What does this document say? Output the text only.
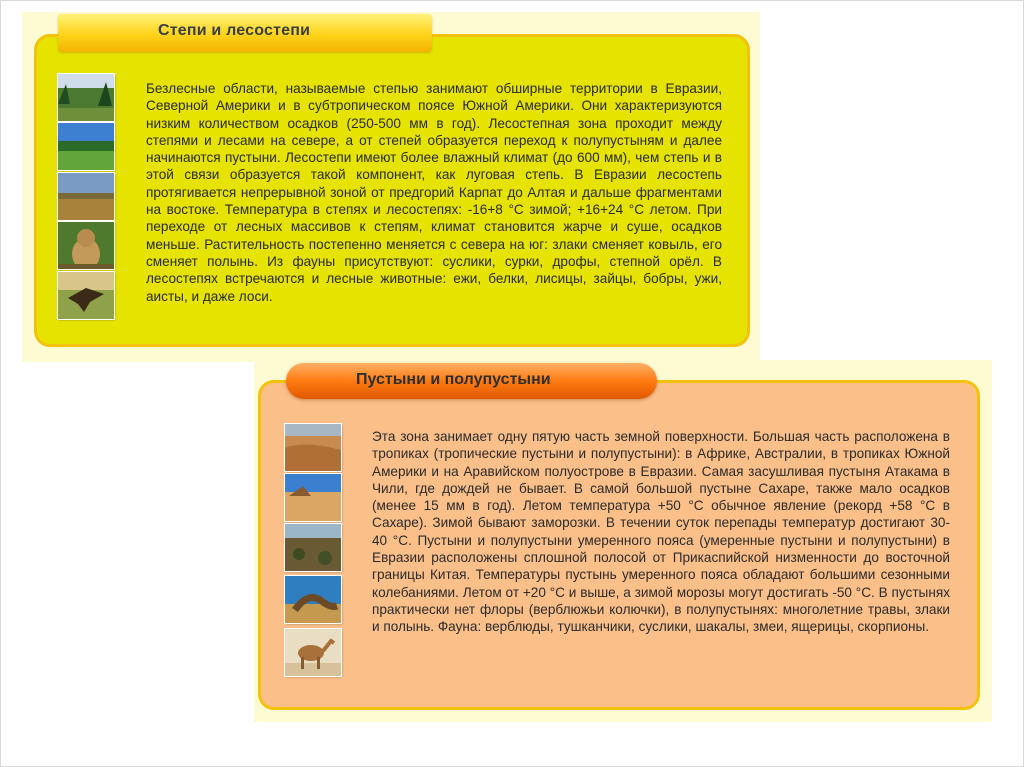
Степи и лесостепи
Безлесные области, называемые степью занимают обширные территории в Евразии, Северной Америки и в субтропическом поясе Южной Америки. Они характеризуются низким количеством осадков (250-500 мм в год). Лесостепная зона проходит между степями и лесами на севере, а от степей образуется переход к полупустыням и далее начинаются пустыни. Лесостепи имеют более влажный климат (до 600 мм), чем степь и в этой связи образуется такой компонент, как луговая степь. В Евразии лесостепь протягивается непрерывной зоной от предгорий Карпат до Алтая и дальше фрагментами на востоке. Температура в степях и лесостепях: -16+8 °С зимой; +16+24 °С летом. При переходе от лесных массивов к степям, климат становится жарче и суше, осадков меньше. Растительность постепенно меняется с севера на юг: злаки сменяет ковыль, его сменяет полынь. Из фауны присутствуют: суслики, сурки, дрофы, степной орёл. В лесостепях встречаются и лесные животные: ежи, белки, лисицы, зайцы, бобры, ужи, аисты, и даже лоси.
Пустыни и полупустыни
Эта зона занимает одну пятую часть земной поверхности. Большая часть расположена в тропиках (тропические пустыни и полупустыни): в Африке, Австралии, в тропиках Южной Америки и на Аравийском полуострове в Евразии. Самая засушливая пустыня Атакама в Чили, где дождей не бывает. В самой большой пустыне Сахаре, также мало осадков (менее 15 мм в год). Летом температура +50 °С обычное явление (рекорд +58 °С в Сахаре). Зимой бывают заморозки. В течении суток перепады температур достигают 30-40 °С. Пустыни и полупустыни умеренного пояса (умеренные пустыни и полупустыни) в Евразии расположены сплошной полосой от Прикаспийской низменности до восточной границы Китая. Температуры пустынь умеренного пояса обладают большими сезонными колебаниями. Летом от +20 °С и выше, а зимой морозы могут достигать -50 °С. В пустынях практически нет флоры (верблюжьи колючки), в полупустынях: многолетние травы, злаки и полынь. Фауна: верблюды, тушканчики, суслики, шакалы, змеи, ящерицы, скорпионы.
